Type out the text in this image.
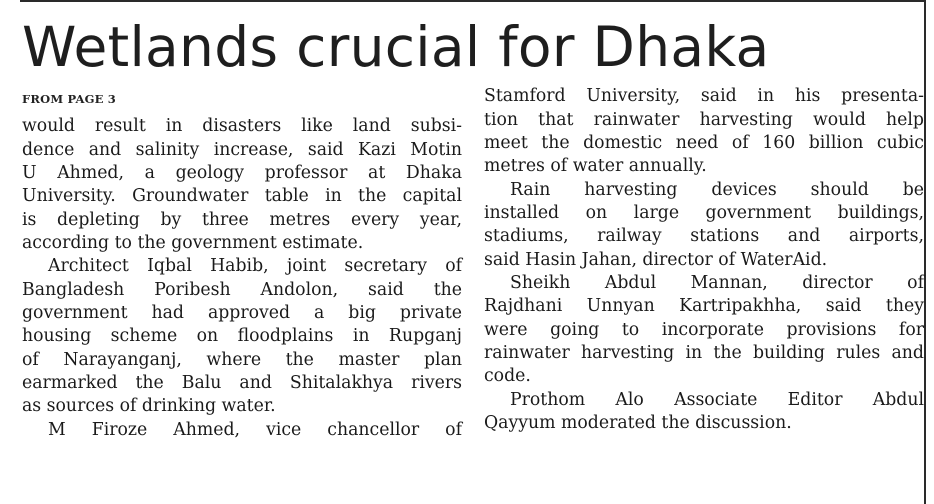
Wetlands crucial for Dhaka
FROM PAGE 3
would result in disasters like land subsi-
dence and salinity increase, said Kazi Motin
U Ahmed, a geology professor at Dhaka
University. Groundwater table in the capital
is depleting by three metres every year,
according to the government estimate.
Architect Iqbal Habib, joint secretary of
Bangladesh Poribesh Andolon, said the
government had approved a big private
housing scheme on floodplains in Rupganj
of Narayanganj, where the master plan
earmarked the Balu and Shitalakhya rivers
as sources of drinking water.
M Firoze Ahmed, vice chancellor of
Stamford University, said in his presenta-
tion that rainwater harvesting would help
meet the domestic need of 160 billion cubic
metres of water annually.
Rain harvesting devices should be
installed on large government buildings,
stadiums, railway stations and airports,
said Hasin Jahan, director of WaterAid.
Sheikh Abdul Mannan, director of
Rajdhani Unnyan Kartripakhha, said they
were going to incorporate provisions for
rainwater harvesting in the building rules and
code.
Prothom Alo Associate Editor Abdul
Qayyum moderated the discussion.
